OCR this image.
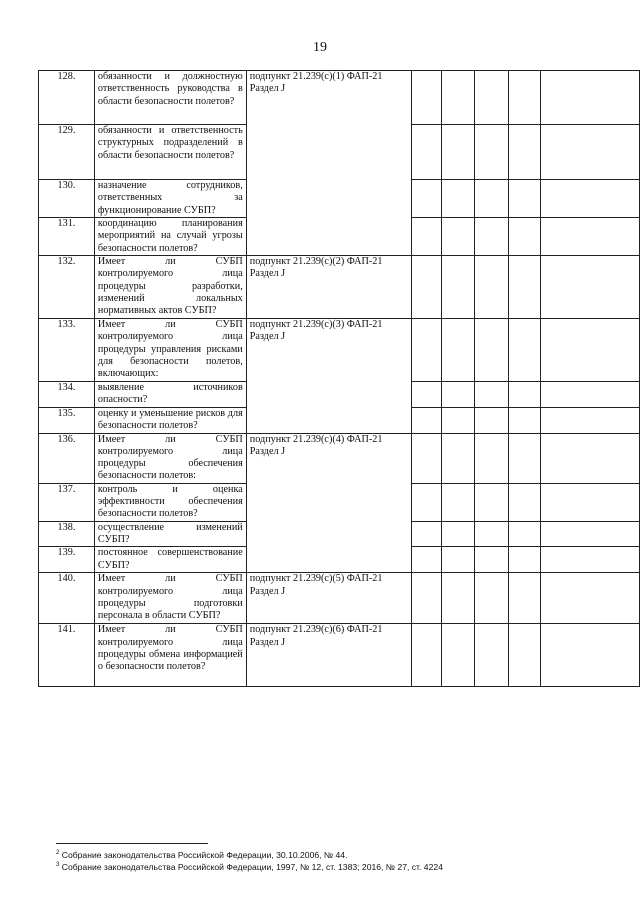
19
128.	обязанности и должностную ответственность руководства в области безопасности полетов?	подпункт 21.239(c)(1) ФАП-21 Раздел J					
129.	обязанности и ответственность структурных подразделений в области безопасности полетов?						
130.	назначение сотрудников, ответственных за функционирование СУБП?						
131.	координацию планирования мероприятий на случай угрозы безопасности полетов?						
132.	Имеет ли СУБП контролируемого лица процедуры разработки, изменений локальных нормативных актов СУБП?	подпункт 21.239(c)(2) ФАП-21 Раздел J					
133.	Имеет ли СУБП контролируемого лица процедуры управления рисками для безопасности полетов, включающих:	подпункт 21.239(c)(3) ФАП-21 Раздел J					
134.	выявление источников опасности?						
135.	оценку и уменьшение рисков для безопасности полетов?						
136.	Имеет ли СУБП контролируемого лица процедуры обеспечения безопасности полетов:	подпункт 21.239(c)(4) ФАП-21 Раздел J					
137.	контроль и оценка эффективности обеспечения безопасности полетов?						
138.	осуществление изменений СУБП?						
139.	постоянное совершенствование СУБП?						
140.	Имеет ли СУБП контролируемого лица процедуры подготовки персонала в области СУБП?	подпункт 21.239(c)(5) ФАП-21 Раздел J					
141.	Имеет ли СУБП контролируемого лица процедуры обмена информацией о безопасности полетов?	подпункт 21.239(c)(6) ФАП-21 Раздел J					
$^2$ Собрание законодательства Российской Федерации, 30.10.2006, № 44.
$^3$ Собрание законодательства Российской Федерации, 1997, № 12, ст. 1383; 2016, № 27, ст. 4224
